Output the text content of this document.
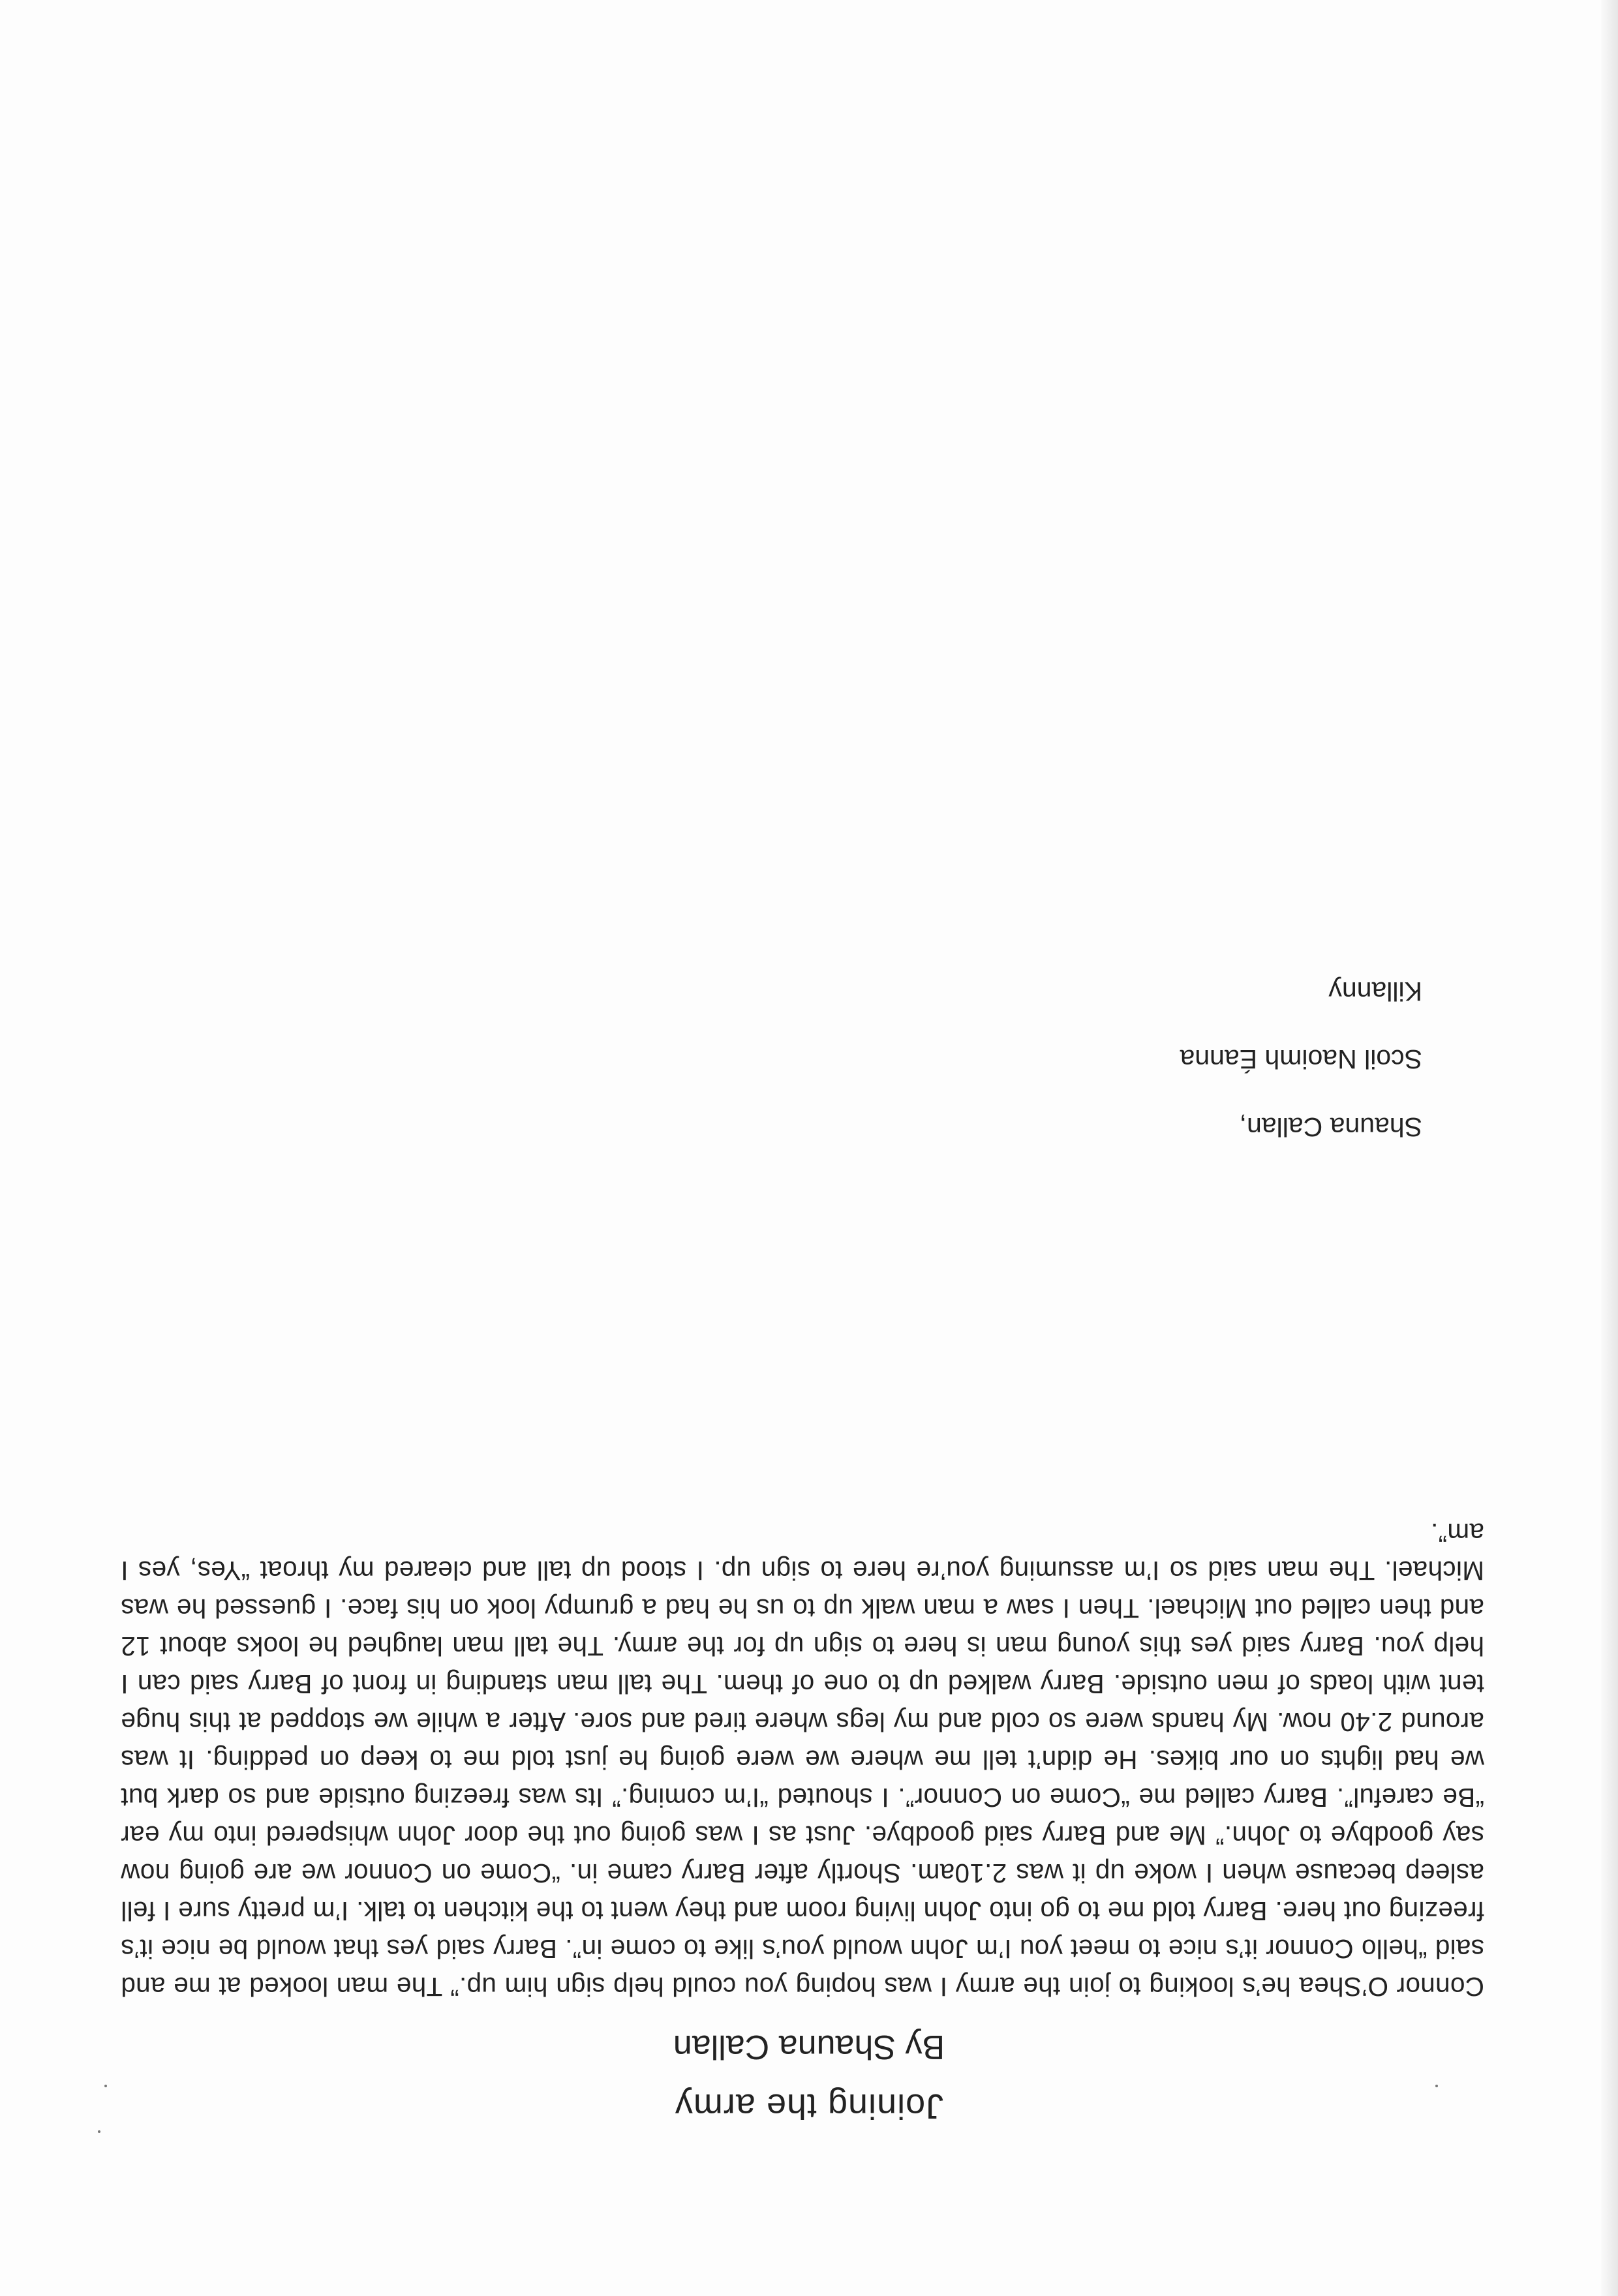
Joining the army
By Shauna Callan

Connor O’Shea he’s looking to join the army I was hoping you could help sign him up.” The man looked at me and said “hello Connor it’s nice to meet you I’m John would you’s like to come in”. Barry said yes that would be nice it’s freezing out here. Barry told me to go into John living room and they went to the kitchen to talk. I’m pretty sure I fell asleep because when I woke up it was 2.10am. Shortly after Barry came in. “Come on Connor we are going now say goodbye to John.” Me and Barry said goodbye. Just as I was going out the door John whispered into my ear “Be careful”. Barry called me “Come on Connor”. I shouted “I’m coming.” Its was freezing outside and so dark but we had lights on our bikes. He didn’t tell me where we were going he just told me to keep on pedding. It was around 2.40 now. My hands were so cold and my legs where tired and sore. After a while we stopped at this huge tent with loads of men outside. Barry walked up to one of them. The tall man standing in front of Barry said can I help you. Barry said yes this young man is here to sign up for the army. The tall man laughed he looks about 12 and then called out Michael. Then I saw a man walk up to us he had a grumpy look on his face. I guessed he was Michael. The man said so I’m assuming you’re here to sign up. I stood up tall and cleared my throat “Yes, yes I am”.

Shauna Callan,
Scoil Naoimh Éanna
Killanny
